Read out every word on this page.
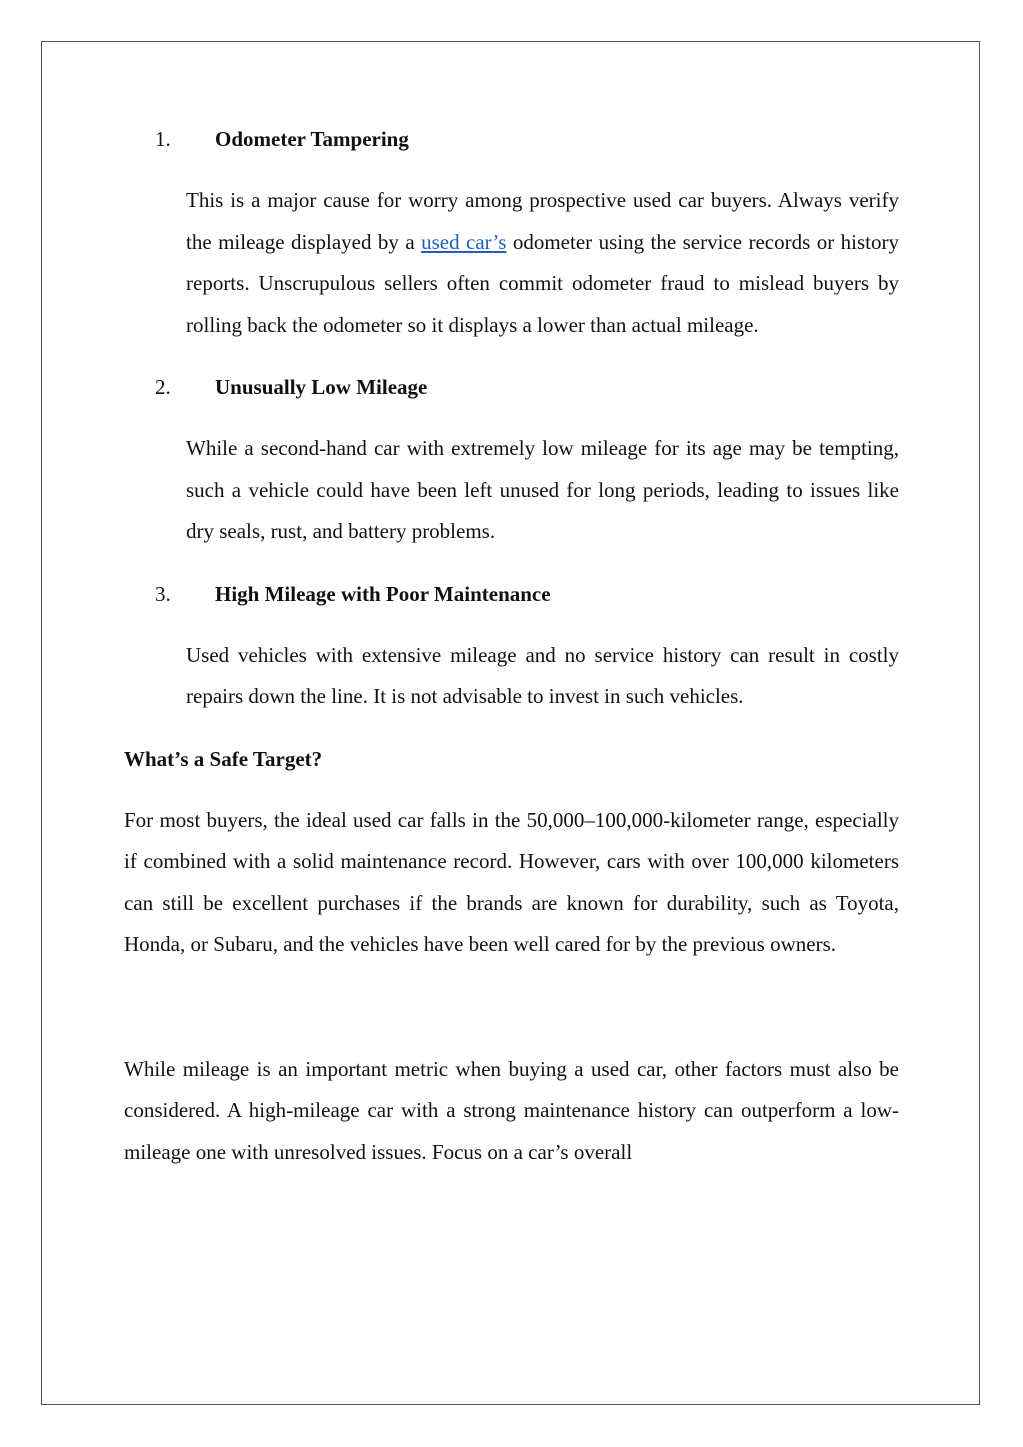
1.	Odometer Tampering

This is a major cause for worry among prospective used car buyers. Always verify the mileage displayed by a used car’s odometer using the service records or history reports. Unscrupulous sellers often commit odometer fraud to mislead buyers by rolling back the odometer so it displays a lower than actual mileage.

2.	Unusually Low Mileage

While a second-hand car with extremely low mileage for its age may be tempting, such a vehicle could have been left unused for long periods, leading to issues like dry seals, rust, and battery problems.

3.	High Mileage with Poor Maintenance

Used vehicles with extensive mileage and no service history can result in costly repairs down the line. It is not advisable to invest in such vehicles.

What’s a Safe Target?

For most buyers, the ideal used car falls in the 50,000–100,000-kilometer range, especially if combined with a solid maintenance record. However, cars with over 100,000 kilometers can still be excellent purchases if the brands are known for durability, such as Toyota, Honda, or Subaru, and the vehicles have been well cared for by the previous owners.

While mileage is an important metric when buying a used car, other factors must also be considered. A high-mileage car with a strong maintenance history can outperform a low-mileage one with unresolved issues. Focus on a car’s overall
